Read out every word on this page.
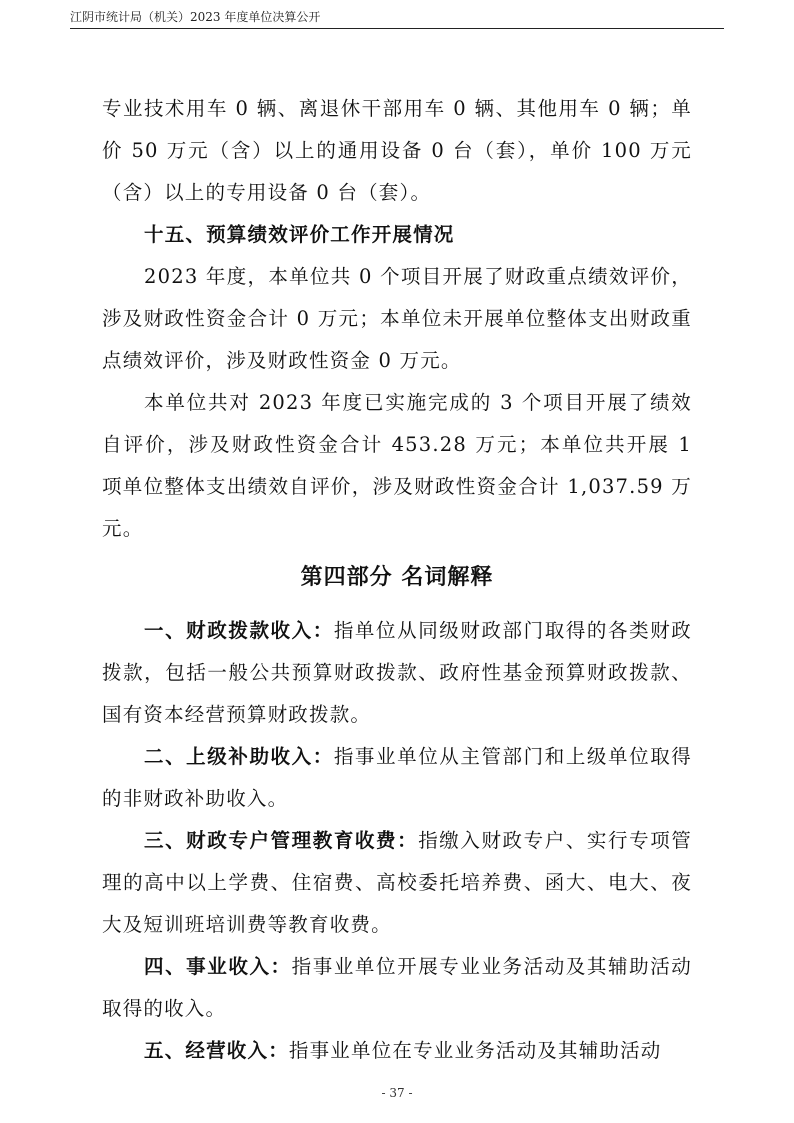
江阴市统计局（机关）2023 年度单位决算公开

专业技术用车 0 辆、离退休干部用车 0 辆、其他用车 0 辆；单价 50 万元（含）以上的通用设备 0 台（套），单价 100 万元（含）以上的专用设备 0 台（套）。

十五、预算绩效评价工作开展情况

2023 年度，本单位共 0 个项目开展了财政重点绩效评价，涉及财政性资金合计 0 万元；本单位未开展单位整体支出财政重点绩效评价，涉及财政性资金 0 万元。

本单位共对 2023 年度已实施完成的 3 个项目开展了绩效自评价，涉及财政性资金合计 453.28 万元；本单位共开展 1 项单位整体支出绩效自评价，涉及财政性资金合计 1,037.59 万元。

第四部分 名词解释

一、财政拨款收入：指单位从同级财政部门取得的各类财政拨款，包括一般公共预算财政拨款、政府性基金预算财政拨款、国有资本经营预算财政拨款。

二、上级补助收入：指事业单位从主管部门和上级单位取得的非财政补助收入。

三、财政专户管理教育收费：指缴入财政专户、实行专项管理的高中以上学费、住宿费、高校委托培养费、函大、电大、夜大及短训班培训费等教育收费。

四、事业收入：指事业单位开展专业业务活动及其辅助活动取得的收入。

五、经营收入：指事业单位在专业业务活动及其辅助活动

- 37 -
